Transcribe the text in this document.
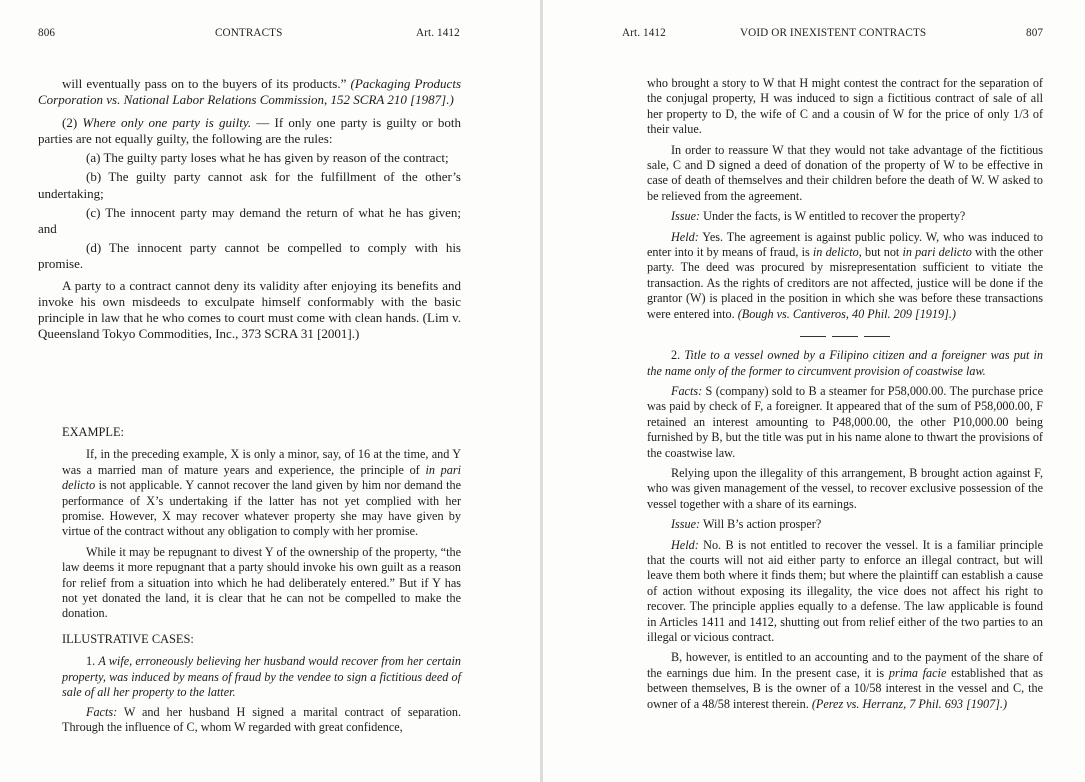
806	CONTRACTS	Art. 1412

will eventually pass on to the buyers of its products.” (Packaging Products Corporation vs. National Labor Relations Commission, 152 SCRA 210 [1987].)

(2) Where only one party is guilty. — If only one party is guilty or both parties are not equally guilty, the following are the rules:

(a) The guilty party loses what he has given by reason of the contract;

(b) The guilty party cannot ask for the fulfillment of the other’s undertaking;

(c) The innocent party may demand the return of what he has given; and

(d) The innocent party cannot be compelled to comply with his promise.

A party to a contract cannot deny its validity after enjoying its benefits and invoke his own misdeeds to exculpate himself conformably with the basic principle in law that he who comes to court must come with clean hands. (Lim v. Queensland Tokyo Commodities, Inc., 373 SCRA 31 [2001].)

EXAMPLE:

If, in the preceding example, X is only a minor, say, of 16 at the time, and Y was a married man of mature years and experience, the principle of in pari delicto is not applicable. Y cannot recover the land given by him nor demand the performance of X’s undertaking if the latter has not yet complied with her promise. However, X may recover whatever property she may have given by virtue of the contract without any obligation to comply with her promise.

While it may be repugnant to divest Y of the ownership of the property, “the law deems it more repugnant that a party should invoke his own guilt as a reason for relief from a situation into which he had deliberately entered.” But if Y has not yet donated the land, it is clear that he can not be compelled to make the donation.

ILLUSTRATIVE CASES:

1. A wife, erroneously believing her husband would recover from her certain property, was induced by means of fraud by the vendee to sign a fictitious deed of sale of all her property to the latter.

Facts: W and her husband H signed a marital contract of separation. Through the influence of C, whom W regarded with great confidence,

Art. 1412	VOID OR INEXISTENT CONTRACTS	807

who brought a story to W that H might contest the contract for the separation of the conjugal property, H was induced to sign a fictitious contract of sale of all her property to D, the wife of C and a cousin of W for the price of only 1/3 of their value.

In order to reassure W that they would not take advantage of the fictitious sale, C and D signed a deed of donation of the property of W to be effective in case of death of themselves and their children before the death of W. W asked to be relieved from the agreement.

Issue: Under the facts, is W entitled to recover the property?

Held: Yes. The agreement is against public policy. W, who was induced to enter into it by means of fraud, is in delicto, but not in pari delicto with the other party. The deed was procured by misrepresentation sufficient to vitiate the transaction. As the rights of creditors are not affected, justice will be done if the grantor (W) is placed in the position in which she was before these transactions were entered into. (Bough vs. Cantiveros, 40 Phil. 209 [1919].)

2. Title to a vessel owned by a Filipino citizen and a foreigner was put in the name only of the former to circumvent provision of coastwise law.

Facts: S (company) sold to B a steamer for P58,000.00. The purchase price was paid by check of F, a foreigner. It appeared that of the sum of P58,000.00, F retained an interest amounting to P48,000.00, the other P10,000.00 being furnished by B, but the title was put in his name alone to thwart the provisions of the coastwise law.

Relying upon the illegality of this arrangement, B brought action against F, who was given management of the vessel, to recover exclusive possession of the vessel together with a share of its earnings.

Issue: Will B’s action prosper?

Held: No. B is not entitled to recover the vessel. It is a familiar principle that the courts will not aid either party to enforce an illegal contract, but will leave them both where it finds them; but where the plaintiff can establish a cause of action without exposing its illegality, the vice does not affect his right to recover. The principle applies equally to a defense. The law applicable is found in Articles 1411 and 1412, shutting out from relief either of the two parties to an illegal or vicious contract.

B, however, is entitled to an accounting and to the payment of the share of the earnings due him. In the present case, it is prima facie established that as between themselves, B is the owner of a 10/58 interest in the vessel and C, the owner of a 48/58 interest therein. (Perez vs. Herranz, 7 Phil. 693 [1907].)
